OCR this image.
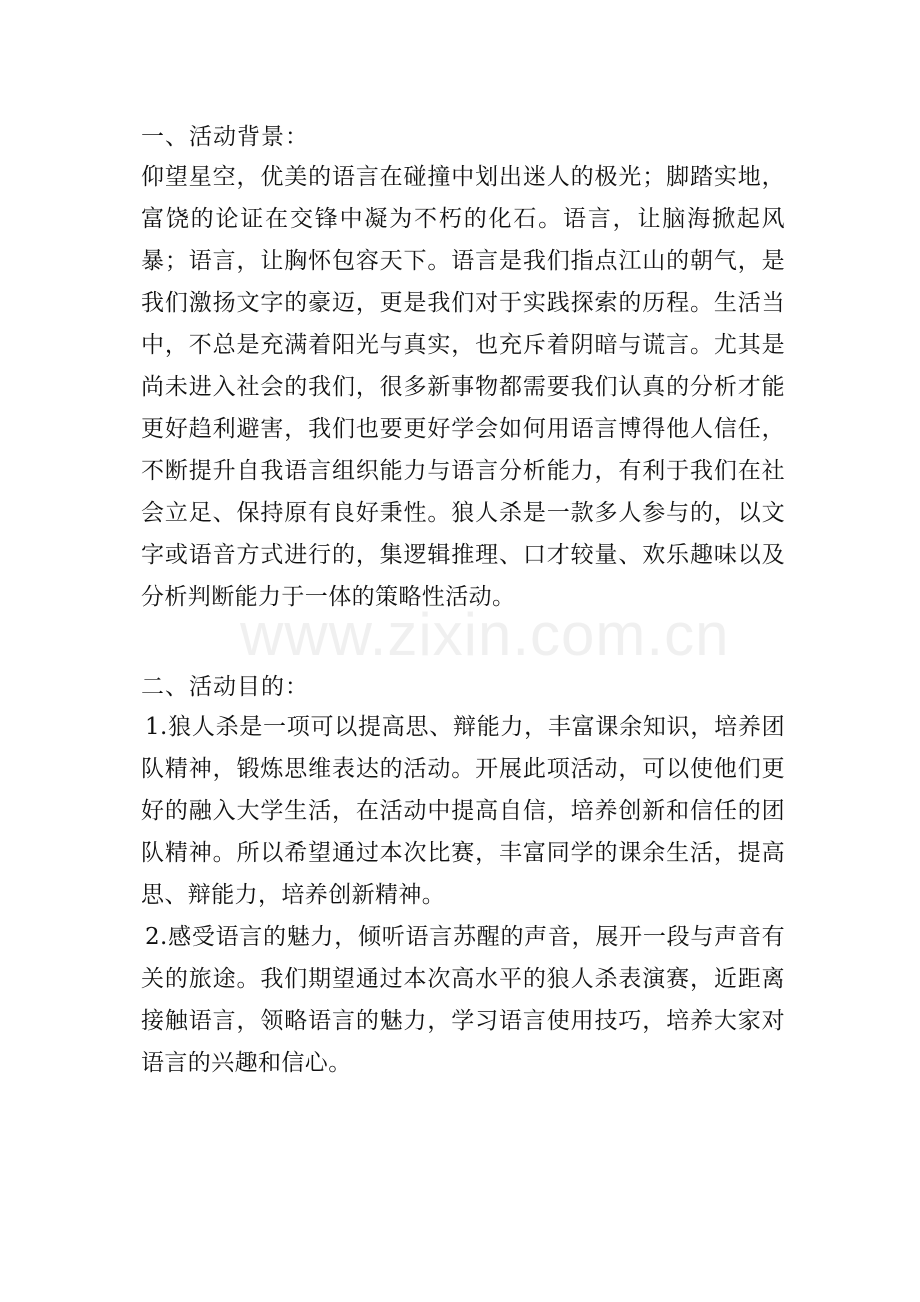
一、活动背景：

仰望星空，优美的语言在碰撞中划出迷人的极光；脚踏实地，富饶的论证在交锋中凝为不朽的化石。语言，让脑海掀起风暴；语言，让胸怀包容天下。语言是我们指点江山的朝气，是我们激扬文字的豪迈，更是我们对于实践探索的历程。生活当中，不总是充满着阳光与真实，也充斥着阴暗与谎言。尤其是尚未进入社会的我们，很多新事物都需要我们认真的分析才能更好趋利避害，我们也要更好学会如何用语言博得他人信任，不断提升自我语言组织能力与语言分析能力，有利于我们在社会立足、保持原有良好秉性。狼人杀是一款多人参与的，以文字或语音方式进行的，集逻辑推理、口才较量、欢乐趣味以及分析判断能力于一体的策略性活动。

二、活动目的：

1.狼人杀是一项可以提高思、辩能力，丰富课余知识，培养团队精神，锻炼思维表达的活动。开展此项活动，可以使他们更好的融入大学生活，在活动中提高自信，培养创新和信任的团队精神。所以希望通过本次比赛，丰富同学的课余生活，提高思、辩能力，培养创新精神。

2.感受语言的魅力，倾听语言苏醒的声音，展开一段与声音有关的旅途。我们期望通过本次高水平的狼人杀表演赛，近距离接触语言，领略语言的魅力，学习语言使用技巧，培养大家对语言的兴趣和信心。

www.zixin.com.cn
